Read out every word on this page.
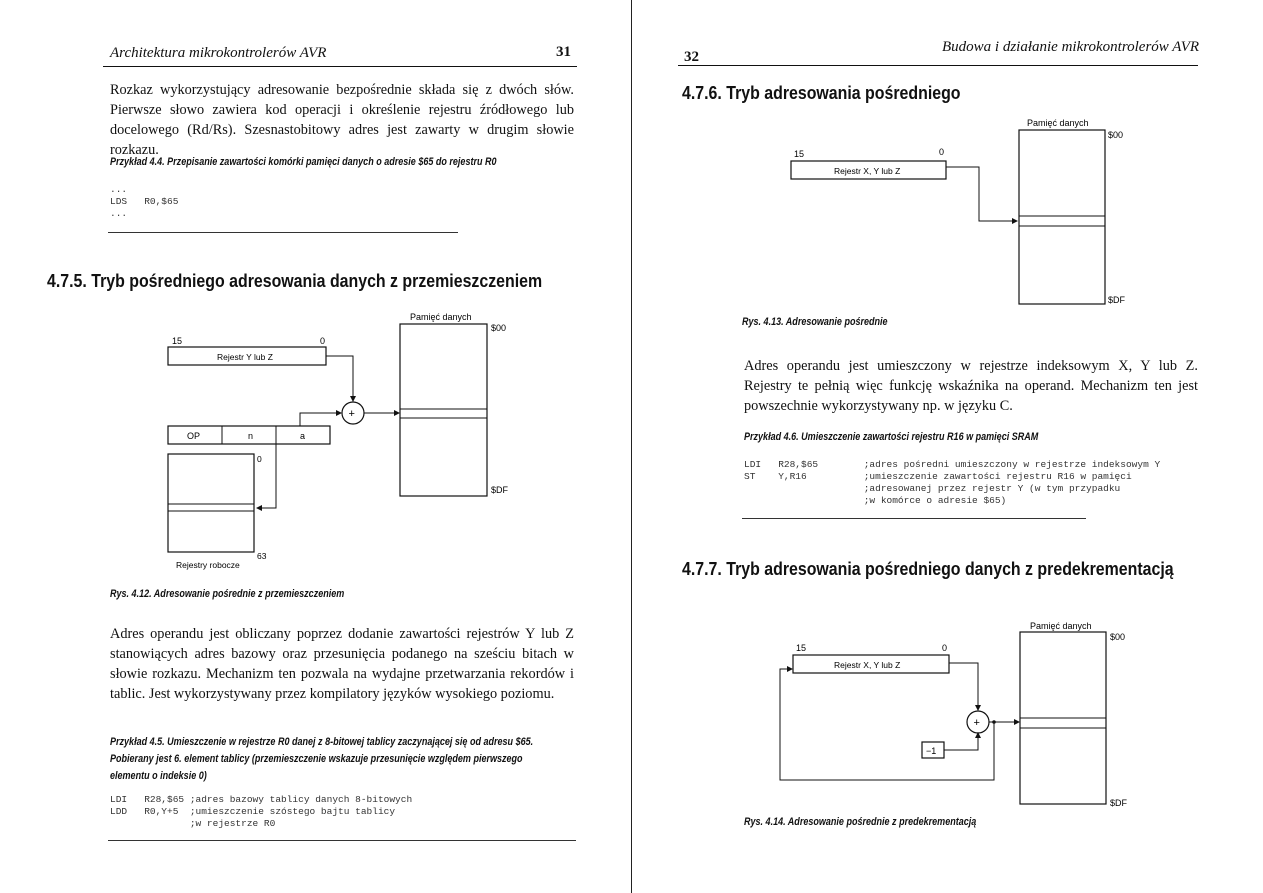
Architektura mikrokontrolerów AVR	31
Rozkaz wykorzystujący adresowanie bezpośrednie składa się z dwóch słów. Pierwsze słowo zawiera kod operacji i określenie rejestru źródłowego lub docelowego (Rd/Rs). Szesnastobitowy adres jest zawarty w drugim słowie rozkazu.
Przykład 4.4. Przepisanie zawartości komórki pamięci danych o adresie $65 do rejestru R0
...
LDS   R0,$65
...
4.7.5. Tryb pośredniego adresowania danych z przemieszczeniem
Pamięć danych
$00
$DF
15	0
Rejestr Y lub Z
+
OP	n	a
0
63
Rejestry robocze
Rys. 4.12. Adresowanie pośrednie z przemieszczeniem
Adres operandu jest obliczany poprzez dodanie zawartości rejestrów Y lub Z stanowiących adres bazowy oraz przesunięcia podanego na sześciu bitach w słowie rozkazu. Mechanizm ten pozwala na wydajne przetwarzania rekordów i tablic. Jest wykorzystywany przez kompilatory języków wysokiego poziomu.
Przykład 4.5. Umieszczenie w rejestrze R0 danej z 8-bitowej tablicy zaczynającej się od adresu $65. Pobierany jest 6. element tablicy (przemieszczenie wskazuje przesunięcie względem pierwszego elementu o indeksie 0)
LDI   R28,$65 ;adres bazowy tablicy danych 8-bitowych
LDD   R0,Y+5  ;umieszczenie szóstego bajtu tablicy
;w rejestrze R0
32
Budowa i działanie mikrokontrolerów AVR
4.7.6. Tryb adresowania pośredniego
Pamięć danych
$00
$DF
15	0
Rejestr X, Y lub Z
Rys. 4.13. Adresowanie pośrednie
Adres operandu jest umieszczony w rejestrze indeksowym X, Y lub Z. Rejestry te pełnią więc funkcję wskaźnika na operand. Mechanizm ten jest powszechnie wykorzystywany np. w języku C.
Przykład 4.6. Umieszczenie zawartości rejestru R16 w pamięci SRAM
LDI   R28,$65        ;adres pośredni umieszczony w rejestrze indeksowym Y
ST    Y,R16          ;umieszczenie zawartości rejestru R16 w pamięci
;adresowanej przez rejestr Y (w tym przypadku
;w komórce o adresie $65)
4.7.7. Tryb adresowania pośredniego danych z predekrementacją
Pamięć danych
$00
$DF
15	0
Rejestr X, Y lub Z
+
−1
Rys. 4.14. Adresowanie pośrednie z predekrementacją
